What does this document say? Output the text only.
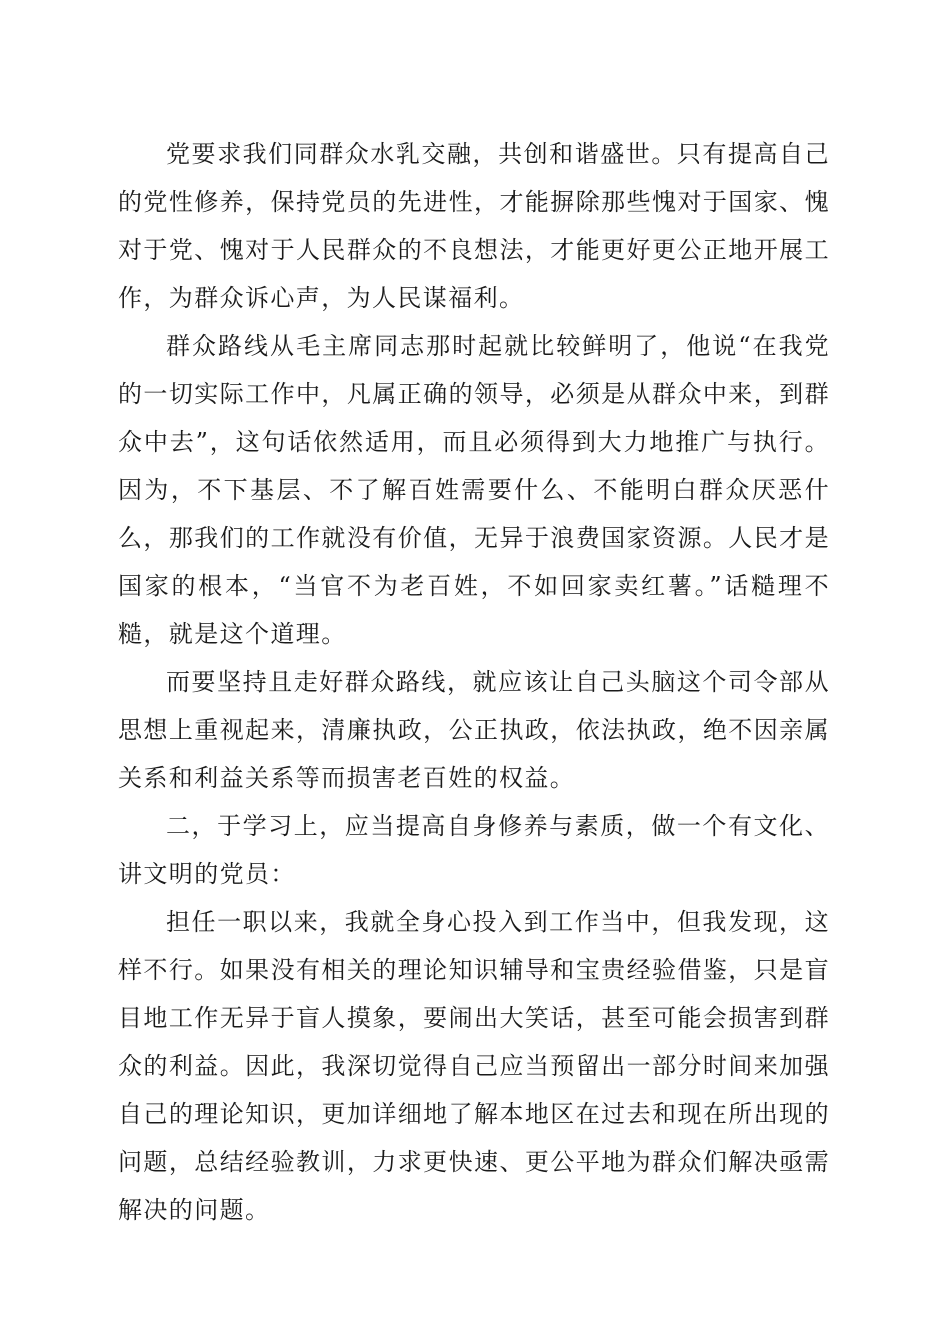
党要求我们同群众水乳交融，共创和谐盛世。只有提高自己的党性修养，保持党员的先进性，才能摒除那些愧对于国家、愧对于党、愧对于人民群众的不良想法，才能更好更公正地开展工作，为群众诉心声，为人民谋福利。

群众路线从毛主席同志那时起就比较鲜明了，他说“在我党的一切实际工作中，凡属正确的领导，必须是从群众中来，到群众中去”，这句话依然适用，而且必须得到大力地推广与执行。因为，不下基层、不了解百姓需要什么、不能明白群众厌恶什么，那我们的工作就没有价值，无异于浪费国家资源。人民才是国家的根本，“当官不为老百姓，不如回家卖红薯。”话糙理不糙，就是这个道理。

而要坚持且走好群众路线，就应该让自己头脑这个司令部从思想上重视起来，清廉执政，公正执政，依法执政，绝不因亲属关系和利益关系等而损害老百姓的权益。

二，于学习上，应当提高自身修养与素质，做一个有文化、讲文明的党员：

担任一职以来，我就全身心投入到工作当中，但我发现，这样不行。如果没有相关的理论知识辅导和宝贵经验借鉴，只是盲目地工作无异于盲人摸象，要闹出大笑话，甚至可能会损害到群众的利益。因此，我深切觉得自己应当预留出一部分时间来加强自己的理论知识，更加详细地了解本地区在过去和现在所出现的问题，总结经验教训，力求更快速、更公平地为群众们解决亟需解决的问题。
